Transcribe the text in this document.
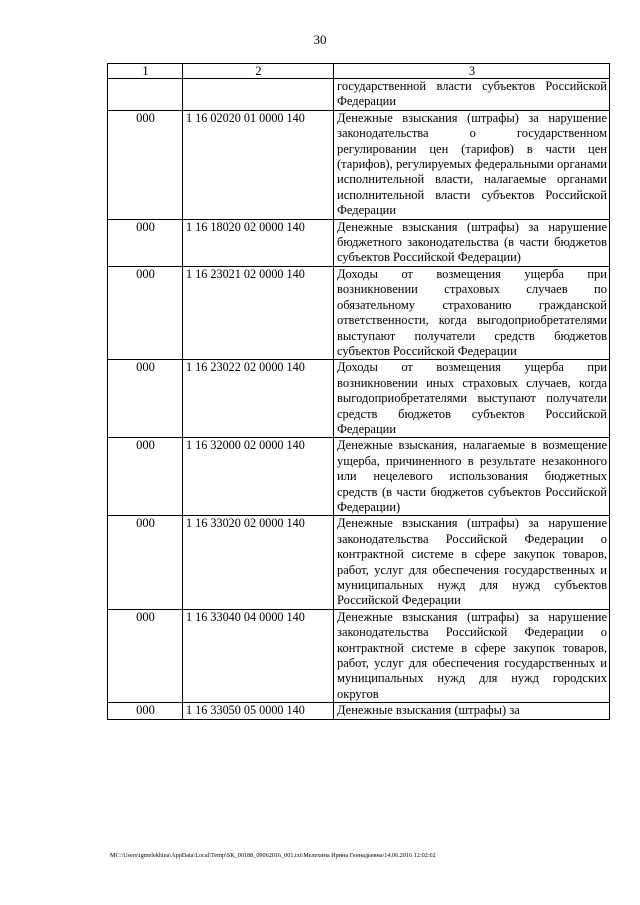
30
1	2	3
		государственной власти субъектов Российской Федерации
000	1 16 02020 01 0000 140	Денежные взыскания (штрафы) за нарушение законодательства о государственном регулировании цен (тарифов) в части цен (тарифов), регулируемых федеральными органами исполнительной власти, налагаемые органами исполнительной власти субъектов Российской Федерации
000	1 16 18020 02 0000 140	Денежные взыскания (штрафы) за нарушение бюджетного законодательства (в части бюджетов субъектов Российской Федерации)
000	1 16 23021 02 0000 140	Доходы от возмещения ущерба при возникновении страховых случаев по обязательному страхованию гражданской ответственности, когда выгодоприобретателями выступают получатели средств бюджетов субъектов Российской Федерации
000	1 16 23022 02 0000 140	Доходы от возмещения ущерба при возникновении иных страховых случаев, когда выгодоприобретателями выступают получатели средств бюджетов субъектов Российской Федерации
000	1 16 32000 02 0000 140	Денежные взыскания, налагаемые в возмещение ущерба, причиненного в результате незаконного или нецелевого использования бюджетных средств (в части бюджетов субъектов Российской Федерации)
000	1 16 33020 02 0000 140	Денежные взыскания (штрафы) за нарушение законодательства Российской Федерации о контрактной системе в сфере закупок товаров, работ, услуг для обеспечения государственных и муниципальных нужд для нужд субъектов Российской Федерации
000	1 16 33040 04 0000 140	Денежные взыскания (штрафы) за нарушение законодательства Российской Федерации о контрактной системе в сфере закупок товаров, работ, услуг для обеспечения государственных и муниципальных нужд для нужд городских округов
000	1 16 33050 05 0000 140	Денежные взыскания (штрафы) за
MC:\Users\igmelekhina\AppData\Local\Temp\SK_00188_09062016_001.txt\Мелехина Ирина Геннадьевна\14.06.2016 12:02:02
